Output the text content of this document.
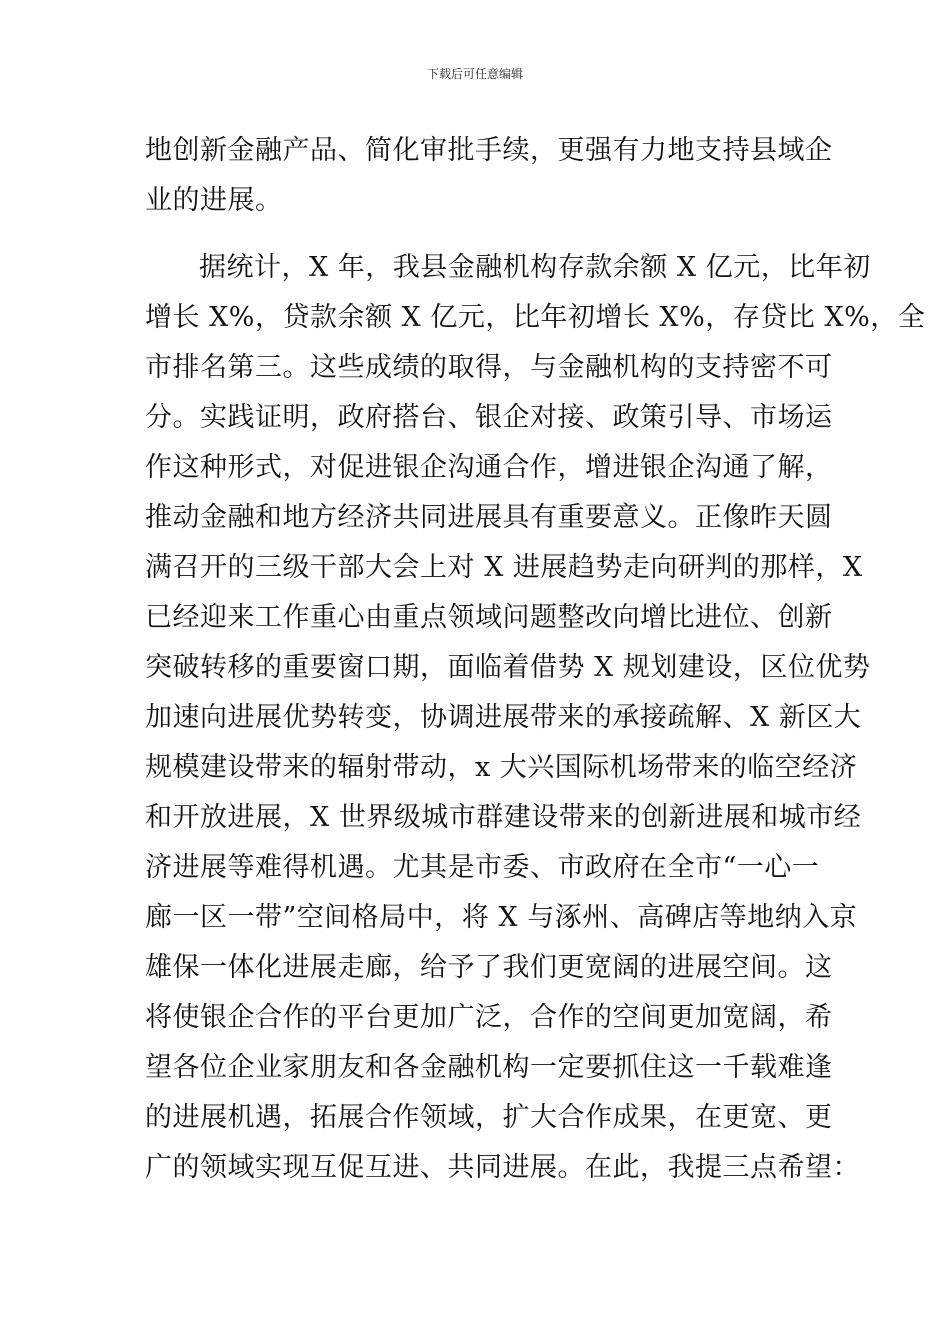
下载后可任意编辑
地创新金融产品、简化审批手续，更强有力地支持县域企
业的进展。
据统计，X 年，我县金融机构存款余额 X 亿元，比年初
增长 X%，贷款余额 X 亿元，比年初增长 X%，存贷比 X%，全
市排名第三。这些成绩的取得，与金融机构的支持密不可
分。实践证明，政府搭台、银企对接、政策引导、市场运
作这种形式，对促进银企沟通合作，增进银企沟通了解，
推动金融和地方经济共同进展具有重要意义。正像昨天圆
满召开的三级干部大会上对 X 进展趋势走向研判的那样，X
已经迎来工作重心由重点领域问题整改向增比进位、创新
突破转移的重要窗口期，面临着借势 X 规划建设，区位优势
加速向进展优势转变，协调进展带来的承接疏解、X 新区大
规模建设带来的辐射带动，x 大兴国际机场带来的临空经济
和开放进展，X 世界级城市群建设带来的创新进展和城市经
济进展等难得机遇。尤其是市委、市政府在全市“一心一
廊一区一带”空间格局中，将 X 与涿州、高碑店等地纳入京
雄保一体化进展走廊，给予了我们更宽阔的进展空间。这
将使银企合作的平台更加广泛，合作的空间更加宽阔，希
望各位企业家朋友和各金融机构一定要抓住这一千载难逢
的进展机遇，拓展合作领域，扩大合作成果，在更宽、更
广的领域实现互促互进、共同进展。在此，我提三点希望：
